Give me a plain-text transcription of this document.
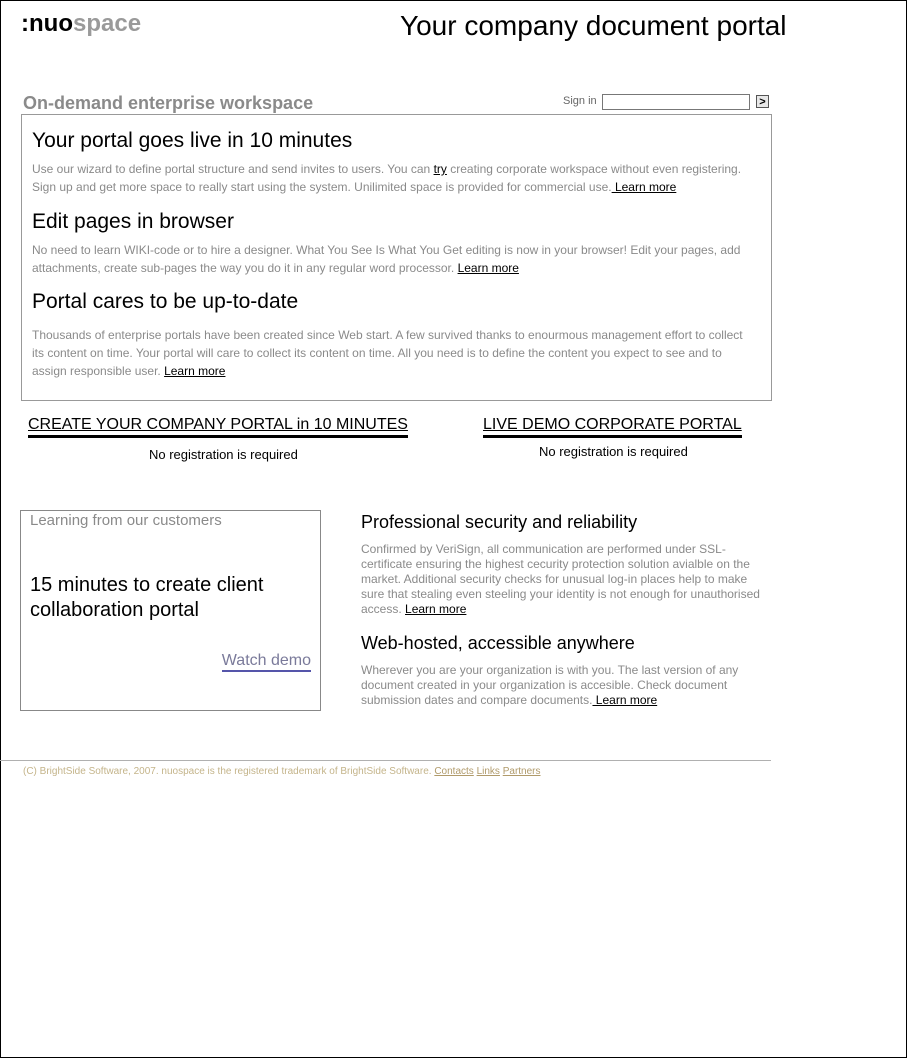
:nuospace	Your company document portal
On-demand enterprise workspace	Sign in	>
Your portal goes live in 10 minutes
Use our wizard to define portal structure and send invites to users. You can try creating corporate workspace without even registering. Sign up and get more space to really start using the system. Unilimited space is provided for commercial use. Learn more
Edit pages in browser
No need to learn WIKI-code or to hire a designer. What You See Is What You Get editing is now in your browser! Edit your pages, add attachments, create sub-pages the way you do it in any regular word processor. Learn more
Portal cares to be up-to-date
Thousands of enterprise portals have been created since Web start. A few survived thanks to enourmous management effort to collect its content on time. Your portal will care to collect its content on time. All you need is to define the content you expect to see and to assign responsible user. Learn more
CREATE YOUR COMPANY PORTAL in 10 MINUTES
No registration is required
LIVE DEMO CORPORATE PORTAL
No registration is required
Learning from our customers
15 minutes to create client collaboration portal
Watch demo
Professional security and reliability
Confirmed by VeriSign, all communication are performed under SSL-certificate ensuring the highest cecurity protection solution avialble on the market. Additional security checks for unusual log-in places help to make sure that stealing even steeling your identity is not enough for unauthorised access. Learn more
Web-hosted, accessible anywhere
Wherever you are your organization is with you. The last version of any document created in your organization is accesible. Check document submission dates and compare documents. Learn more
(C) BrightSide Software, 2007. nuospace is the registered trademark of BrightSide Software. Contacts Links Partners
